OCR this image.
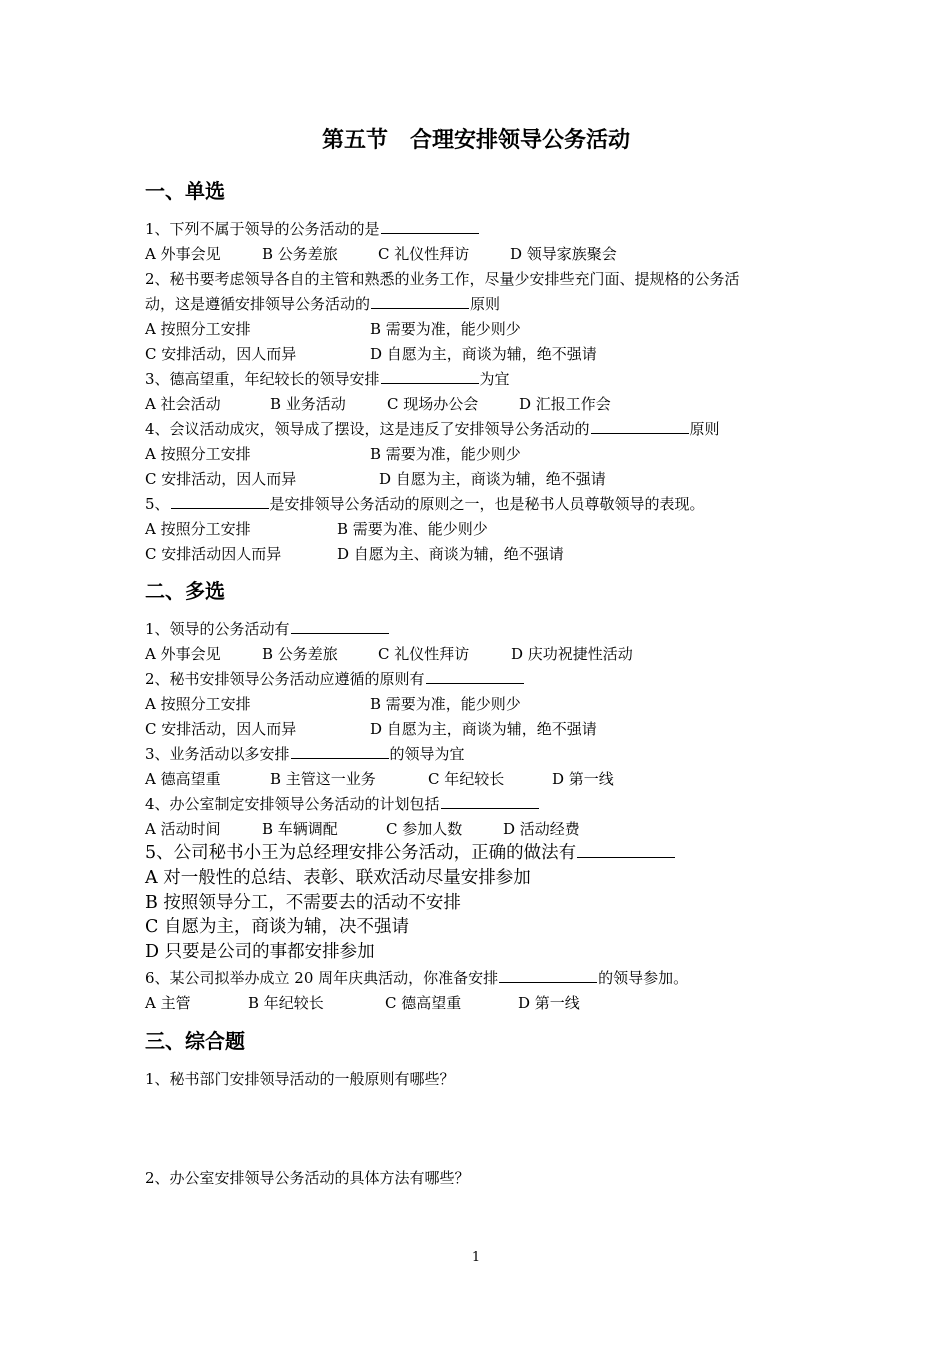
第五节　合理安排领导公务活动
一、单选
1、下列不属于领导的公务活动的是
A 外事会见	B 公务差旅	C 礼仪性拜访	D 领导家族聚会
2、秘书要考虑领导各自的主管和熟悉的业务工作，尽量少安排些充门面、提规格的公务活
动，这是遵循安排领导公务活动的	原则
A 按照分工安排	B 需要为准，能少则少
C 安排活动，因人而异	D 自愿为主，商谈为辅，绝不强请
3、德高望重，年纪较长的领导安排	为宜
A 社会活动	B 业务活动	C 现场办公会	D 汇报工作会
4、会议活动成灾，领导成了摆设，这是违反了安排领导公务活动的	原则
A 按照分工安排	B 需要为准，能少则少
C 安排活动，因人而异	D 自愿为主，商谈为辅，绝不强请
5、	是安排领导公务活动的原则之一，也是秘书人员尊敬领导的表现。
A 按照分工安排	B 需要为准、能少则少
C 安排活动因人而异	D 自愿为主、商谈为辅，绝不强请
二、多选
1、领导的公务活动有
A 外事会见	B 公务差旅	C 礼仪性拜访	D 庆功祝捷性活动
2、秘书安排领导公务活动应遵循的原则有
A 按照分工安排	B 需要为准，能少则少
C 安排活动，因人而异	D 自愿为主，商谈为辅，绝不强请
3、业务活动以多安排	的领导为宜
A 德高望重	B 主管这一业务	C 年纪较长	D 第一线
4、办公室制定安排领导公务活动的计划包括
A 活动时间	B 车辆调配	C 参加人数	D 活动经费
5、公司秘书小王为总经理安排公务活动，正确的做法有
A 对一般性的总结、表彰、联欢活动尽量安排参加
B 按照领导分工，不需要去的活动不安排
C 自愿为主，商谈为辅，决不强请
D 只要是公司的事都安排参加
6、某公司拟举办成立 20 周年庆典活动，你准备安排	的领导参加。
A 主管	B 年纪较长	C 德高望重	D 第一线
三、综合题
1、秘书部门安排领导活动的一般原则有哪些？
2、办公室安排领导公务活动的具体方法有哪些？
1
